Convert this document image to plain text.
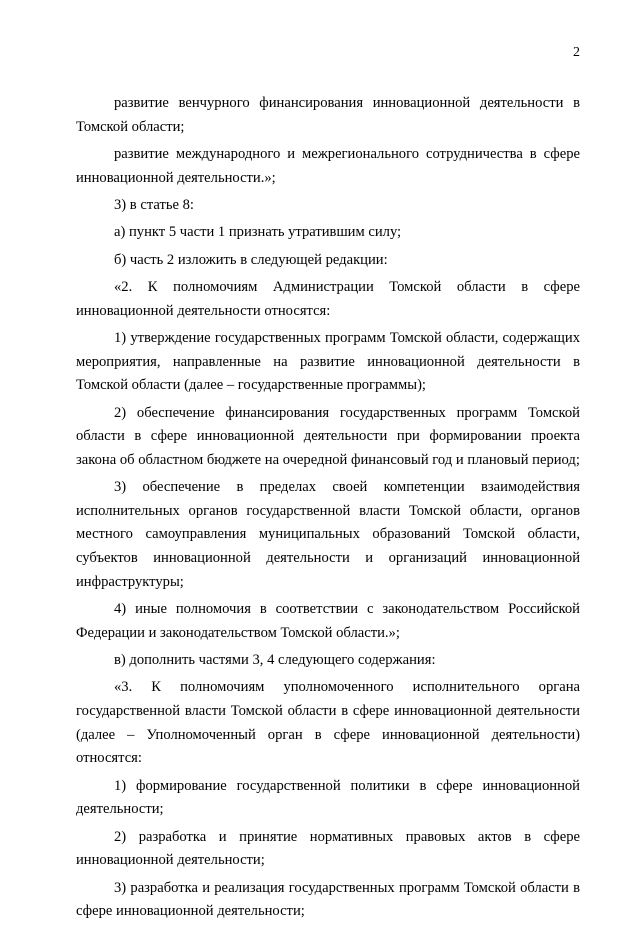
2

развитие венчурного финансирования инновационной деятельности в Томской области;

развитие международного и межрегионального сотрудничества в сфере инновационной деятельности.»;

3) в статье 8:

а) пункт 5 части 1 признать утратившим силу;

б) часть 2 изложить в следующей редакции:

«2. К полномочиям Администрации Томской области в сфере инновационной деятельности относятся:

1) утверждение государственных программ Томской области, содержащих мероприятия, направленные на развитие инновационной деятельности в Томской области (далее – государственные программы);

2) обеспечение финансирования государственных программ Томской области в сфере инновационной деятельности при формировании проекта закона об областном бюджете на очередной финансовый год и плановый период;

3) обеспечение в пределах своей компетенции взаимодействия исполнительных органов государственной власти Томской области, органов местного самоуправления муниципальных образований Томской области, субъектов инновационной деятельности и организаций инновационной инфраструктуры;

4) иные полномочия в соответствии с законодательством Российской Федерации и законодательством Томской области.»;

в) дополнить частями 3, 4 следующего содержания:

«3. К полномочиям уполномоченного исполнительного органа государственной власти Томской области в сфере инновационной деятельности (далее – Уполномоченный орган в сфере инновационной деятельности) относятся:

1) формирование государственной политики в сфере инновационной деятельности;

2) разработка и принятие нормативных правовых актов в сфере инновационной деятельности;

3) разработка и реализация государственных программ Томской области в сфере инновационной деятельности;
